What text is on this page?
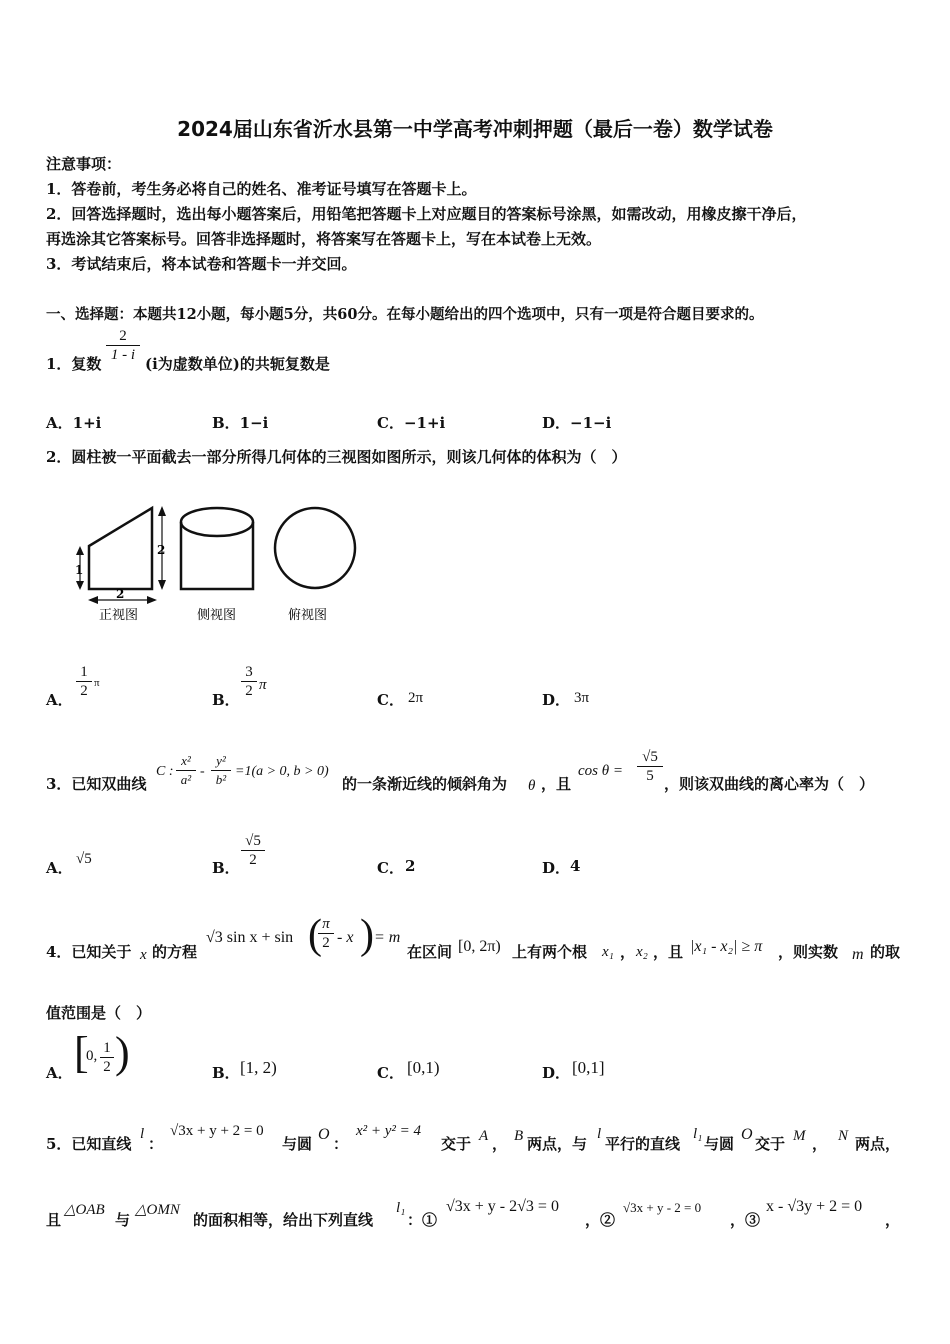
2024届山东省沂水县第一中学高考冲刺押题（最后一卷）数学试卷
注意事项：
1．答卷前，考生务必将自己的姓名、准考证号填写在答题卡上。
2．回答选择题时，选出每小题答案后，用铅笔把答题卡上对应题目的答案标号涂黑，如需改动，用橡皮擦干净后，
再选涂其它答案标号。回答非选择题时，将答案写在答题卡上，写在本试卷上无效。
3．考试结束后，将本试卷和答题卡一并交回。
一、选择题：本题共12小题，每小题5分，共60分。在每小题给出的四个选项中，只有一项是符合题目要求的。
1．复数
2
1 - i (i为虚数单位)的共轭复数是
A．1+i	B．1−i	C．−1+i	D．−1−i
2．圆柱被一平面截去一部分所得几何体的三视图如图所示，则该几何体的体积为（　）
2
1
2
正视图	侧视图	俯视图
A．
1
2 π
B．
3
2 π
C． 2π	D． 3π
3．已知双曲线
C :
x²
a²
-
y²
b²
=1(a > 0, b > 0)
的一条渐近线的倾斜角为 θ ，且
cos θ =
√5
5 ，则该双曲线的离心率为（　）
A． √5	B．
√5
2	C． 2	D． 4
4．已知关于 x 的方程
√3 sin x + sin ( π
2 - x ) = m
在区间 [0, 2π) 上有两个根 x₁ ， x₂ ，且 |x₁ - x₂| ≥ π ，则实数 m 的取
值范围是（　）
A． [
0, 1
2 )	B． [1, 2)	C． [0,1)	D． [0,1]
5．已知直线
l
：
√3x + y + 2 = 0
与圆
O
：
x² + y² = 4
交于 A ， B 两点，与
l
平行的直线
l₁
与圆
O
交于 M ， N 两点，
且
△OAB
与
△OMN
的面积相等，给出下列直线
l₁
：①
√3x + y - 2√3 = 0
，②
√3x + y - 2 = 0
，③
x - √3y + 2 = 0
，
